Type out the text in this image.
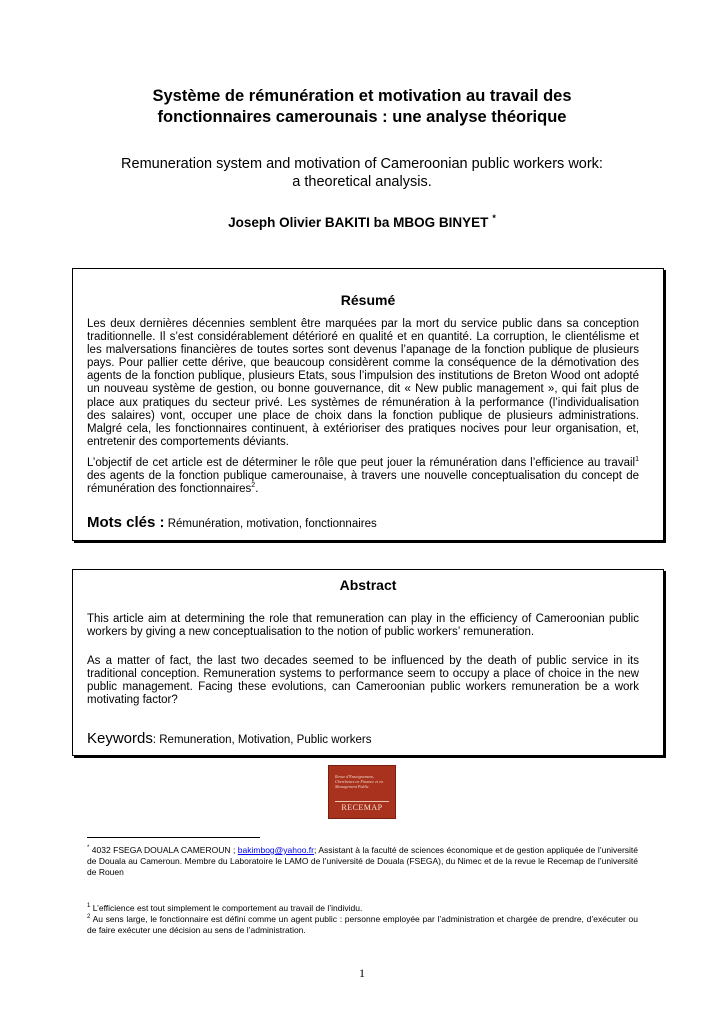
Système de rémunération et motivation au travail des
fonctionnaires camerounais : une analyse théorique
Remuneration system and motivation of Cameroonian public workers work:
a theoretical analysis.
Joseph Olivier BAKITI ba MBOG BINYET *
Résumé
Les deux dernières décennies semblent être marquées par la mort du service public dans sa conception traditionnelle. Il s’est considérablement détérioré en qualité et en quantité. La corruption, le clientélisme et les malversations financières de toutes sortes sont devenus l’apanage de la fonction publique de plusieurs pays. Pour pallier cette dérive, que beaucoup considèrent comme la conséquence de la démotivation des agents de la fonction publique, plusieurs Etats, sous l’impulsion des institutions de Breton Wood ont adopté un nouveau système de gestion, ou bonne gouvernance, dit « New public management », qui fait plus de place aux pratiques du secteur privé. Les systèmes de rémunération à la performance (l’individualisation des salaires) vont, occuper une place de choix dans la fonction publique de plusieurs administrations. Malgré cela, les fonctionnaires continuent, à extérioriser des pratiques nocives pour leur organisation, et, entretenir des comportements déviants.
L’objectif de cet article est de déterminer le rôle que peut jouer la rémunération dans l’efficience au travail$^1$ des agents de la fonction publique camerounaise, à travers une nouvelle conceptualisation du concept de rémunération des fonctionnaires$^2$.
Mots clés : Rémunération, motivation, fonctionnaires
Abstract
This article aim at determining the role that remuneration can play in the efficiency of Cameroonian public workers by giving a new conceptualisation to the notion of public workers’ remuneration.
As a matter of fact, the last two decades seemed to be influenced by the death of public service in its traditional conception. Remuneration systems to performance seem to occupy a place of choice in the new public management. Facing these evolutions, can Cameroonian public workers remuneration be a work motivating factor?
Keywords: Remuneration, Motivation, Public workers
Revue d'Enseignement, Chercheurs en Finance et en Management Public
RECEMAP
* 4032 FSEGA DOUALA CAMEROUN ; bakimbog@yahoo.fr; Assistant à la faculté de sciences économique et de gestion appliquée de l’université de Douala au Cameroun. Membre du Laboratoire le LAMO de l’université de Douala (FSEGA), du Nimec et de la revue le Recemap de l’université de Rouen
$^1$ L’efficience est tout simplement le comportement au travail de l’individu.
$^2$ Au sens large, le fonctionnaire est défini comme un agent public : personne employée par l’administration et chargée de prendre, d’exécuter ou de faire exécuter une décision au sens de l’administration.
1
